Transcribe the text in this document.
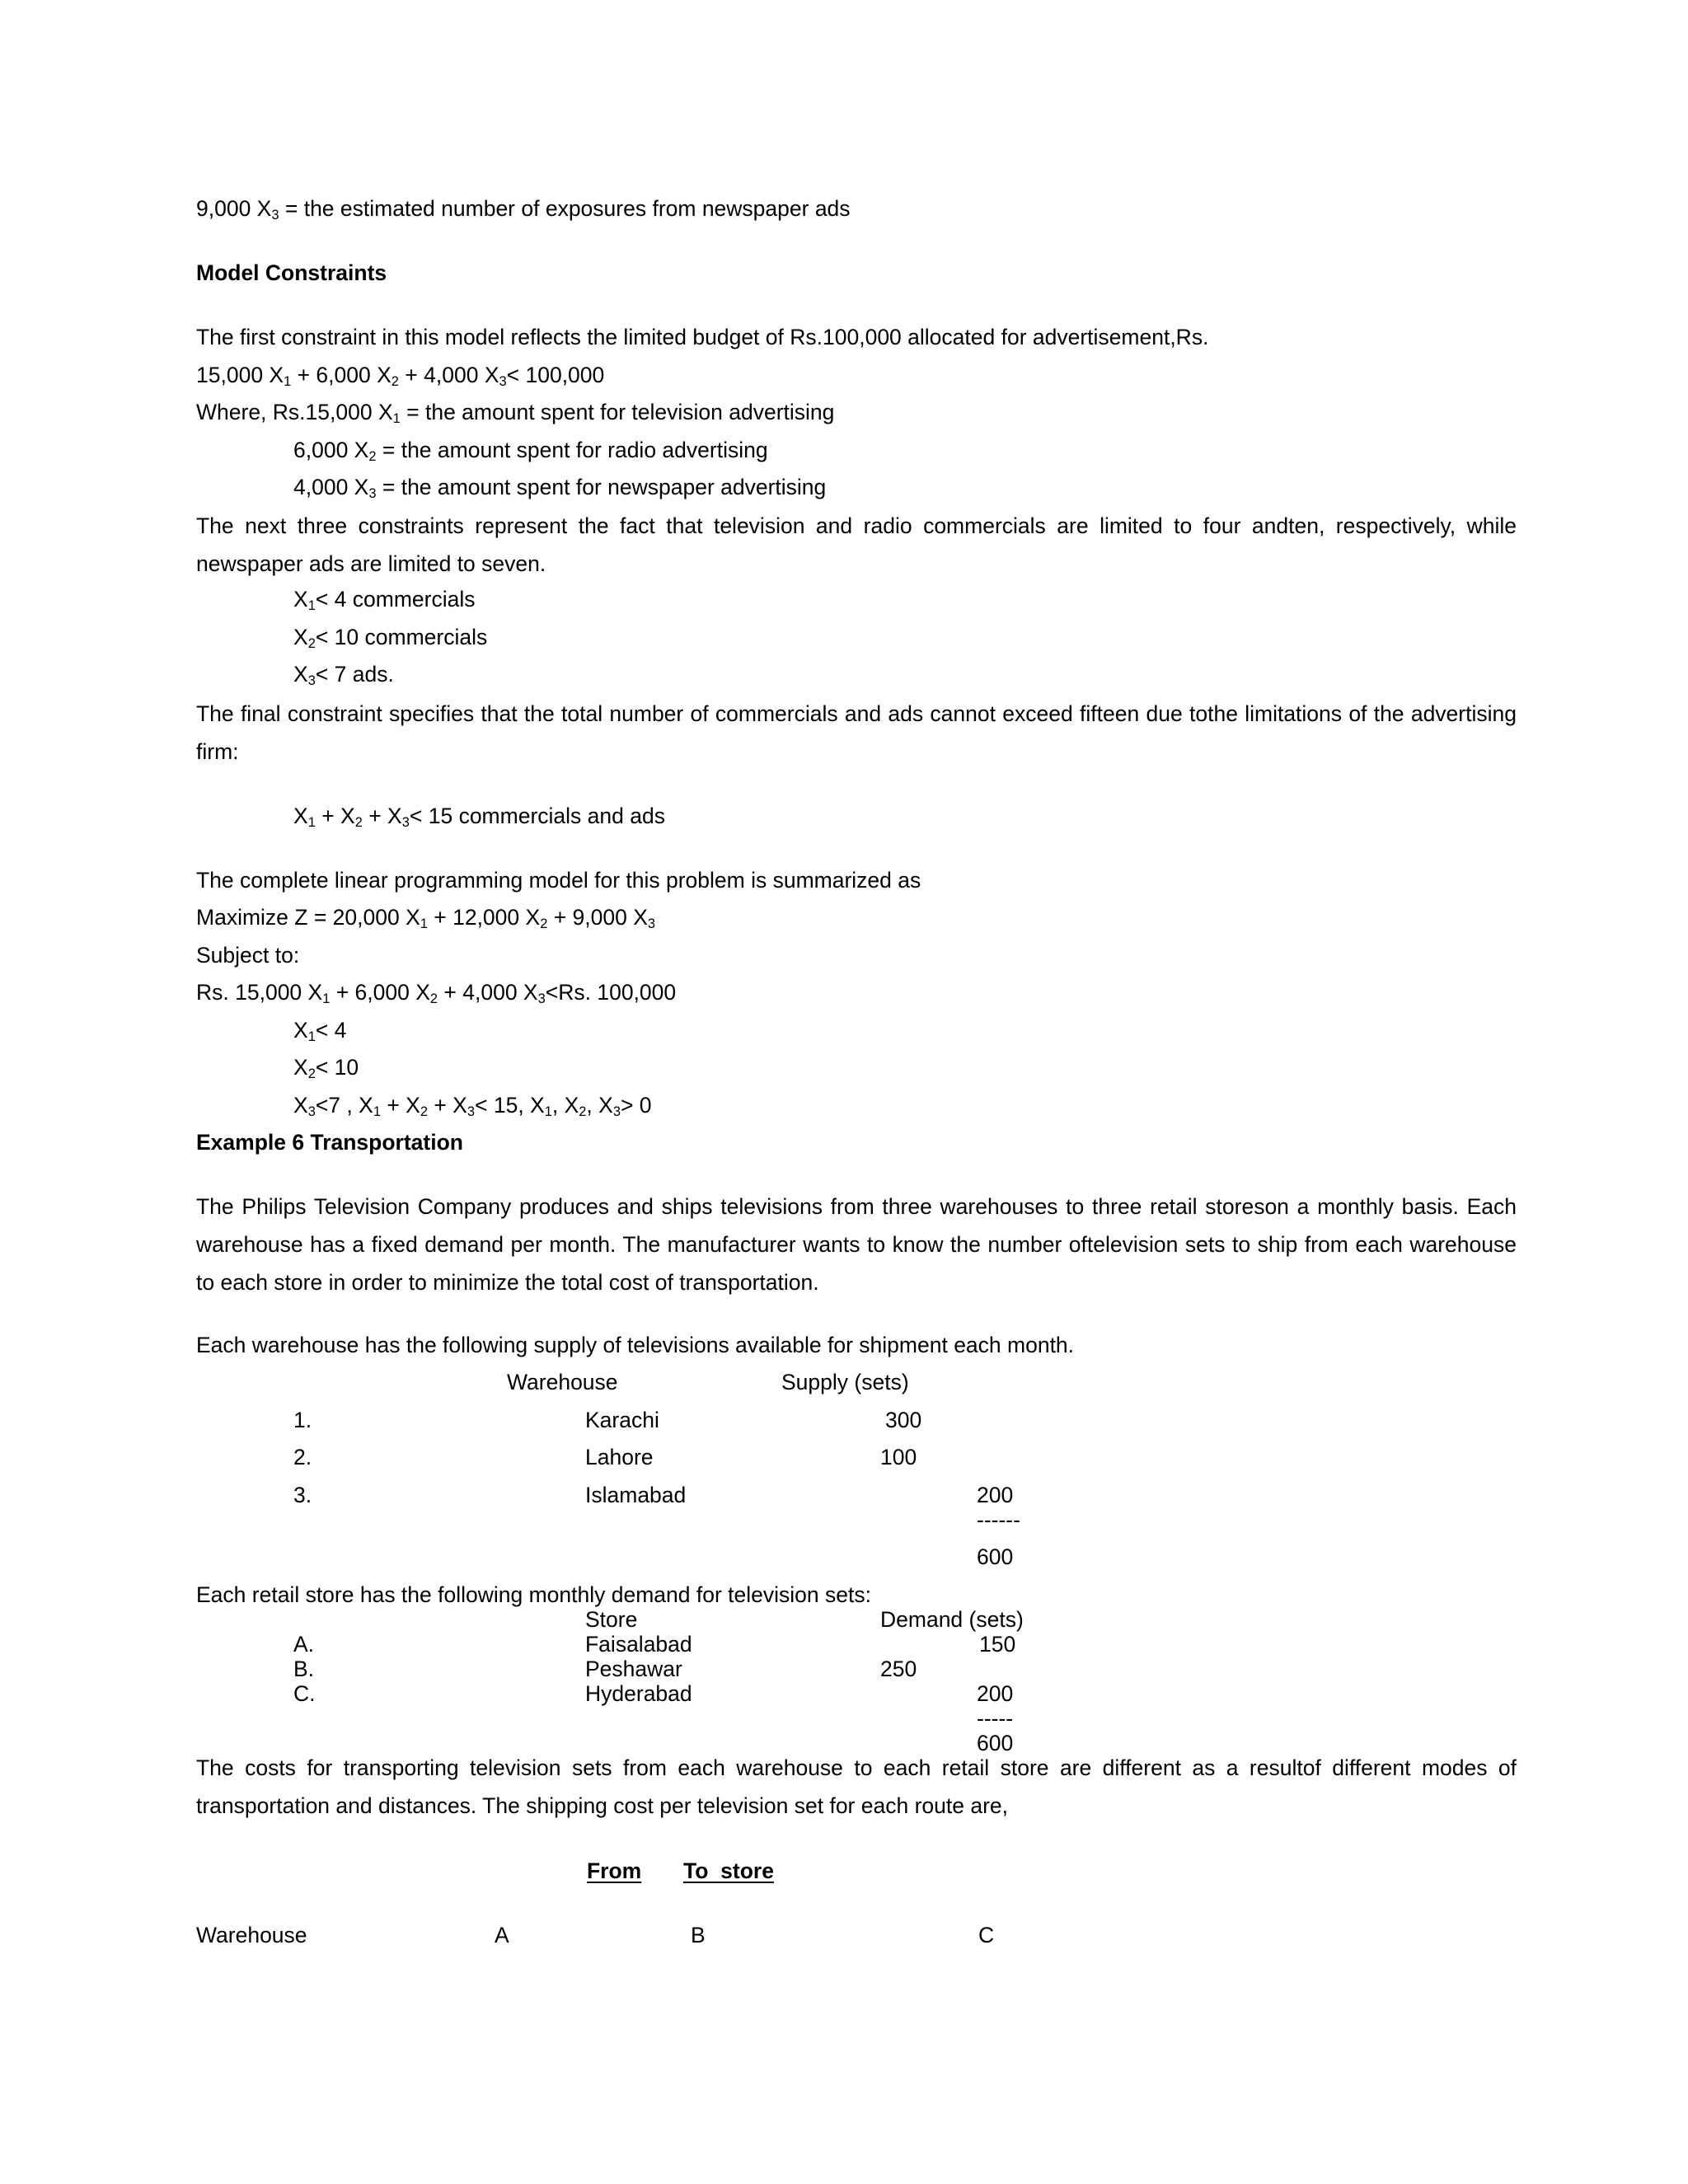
9,000 $X_3$ = the estimated number of exposures from newspaper ads
Model Constraints
The first constraint in this model reflects the limited budget of Rs.100,000 allocated for advertisement,Rs.
15,000 $X_1 + 6,000$ $X_2 + 4,000$ $X_3< 100,000$
Where, Rs.15,000 $X_1$ = the amount spent for television advertising
6,000 $X_2$ = the amount spent for radio advertising
4,000 $X_3$ = the amount spent for newspaper advertising
The next three constraints represent the fact that television and radio commercials are limited to four andten, respectively, while newspaper ads are limited to seven.
$X_1< 4$ commercials
$X_2< 10$ commercials
$X_3< 7$ ads.
The final constraint specifies that the total number of commercials and ads cannot exceed fifteen due tothe limitations of the advertising firm:
$X_1 + X_2 + X_3< 15$ commercials and ads
The complete linear programming model for this problem is summarized as
Maximize Z = 20,000 $X_1 + 12,000$ $X_2 + 9,000$ $X_3$
Subject to:
Rs. 15,000 $X_1 + 6,000$ $X_2 + 4,000$ $X_3<Rs$. 100,000
$X_1< 4$
$X_2< 10$
$X_3<7$ , $X_1 + X_2 + X_3< 15$, $X_1$, $X_2$, $X_3> 0$
Example 6 Transportation
The Philips Television Company produces and ships televisions from three warehouses to three retail storeson a monthly basis. Each warehouse has a fixed demand per month. The manufacturer wants to know the number oftelevision sets to ship from each warehouse to each store in order to minimize the total cost of transportation.
Each warehouse has the following supply of televisions available for shipment each month.
Warehouse	Supply (sets)
1.	Karachi	300
2.	Lahore	100
3.	Islamabad	200
------
600
Each retail store has the following monthly demand for television sets:
Store	Demand (sets)
A.	Faisalabad	150
B.	Peshawar	250
C.	Hyderabad	200
-----
600
The costs for transporting television sets from each warehouse to each retail store are different as a resultof different modes of transportation and distances. The shipping cost per television set for each route are,
From To  store
Warehouse	A	B	C
